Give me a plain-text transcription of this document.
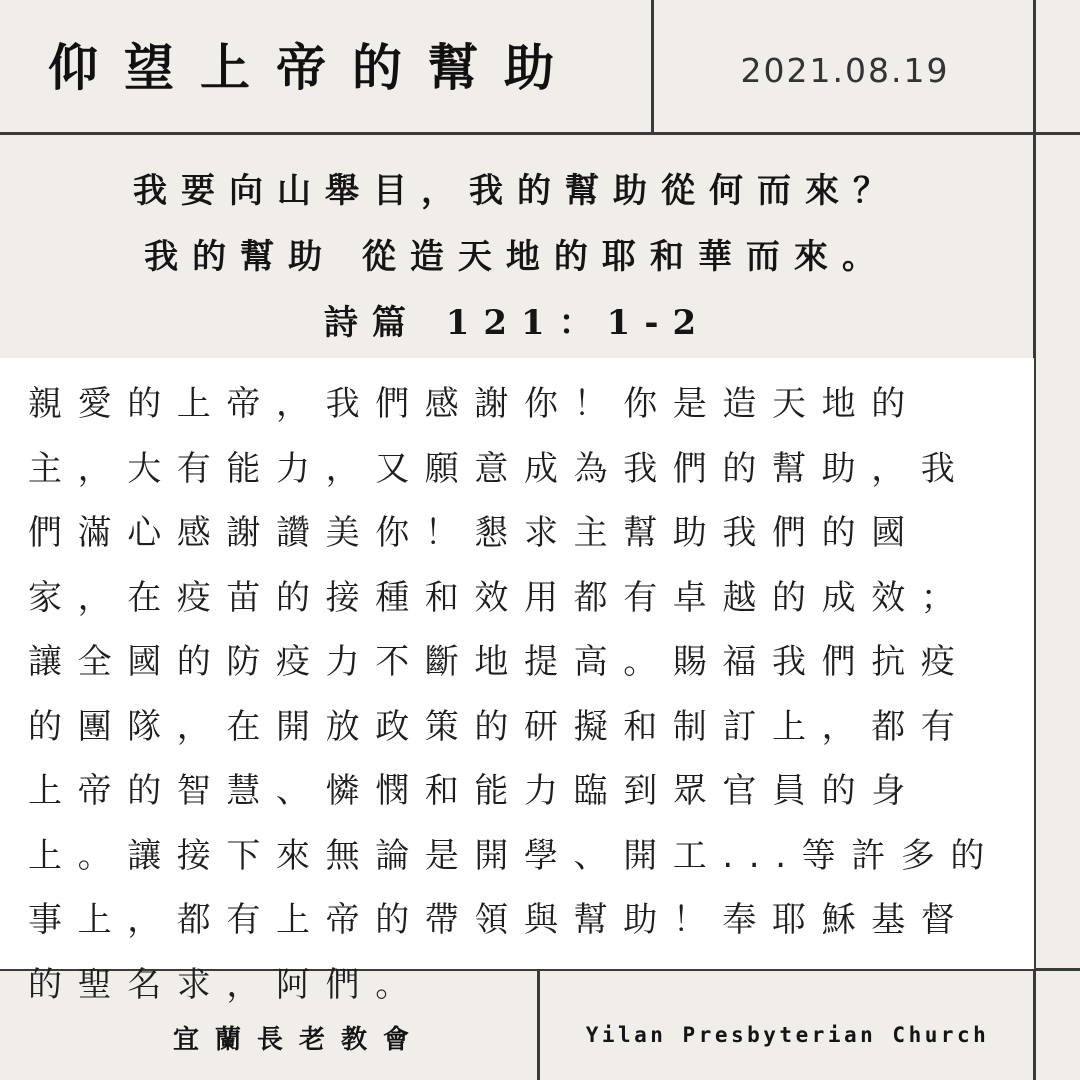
仰望上帝的幫助	2021.08.19
我要向山舉目，我的幫助從何而來？
我的幫助 從造天地的耶和華而來。
詩篇 121：1-2
親愛的上帝，我們感謝你！你是造天地的主，大有能力，又願意成為我們的幫助，我們滿心感謝讚美你！懇求主幫助我們的國家，在疫苗的接種和效用都有卓越的成效；讓全國的防疫力不斷地提高。賜福我們抗疫的團隊，在開放政策的研擬和制訂上，都有上帝的智慧、憐憫和能力臨到眾官員的身上。讓接下來無論是開學、開工...等許多的事上，都有上帝的帶領與幫助！奉耶穌基督的聖名求，阿們。
宜蘭長老教會	Yilan Presbyterian Church
